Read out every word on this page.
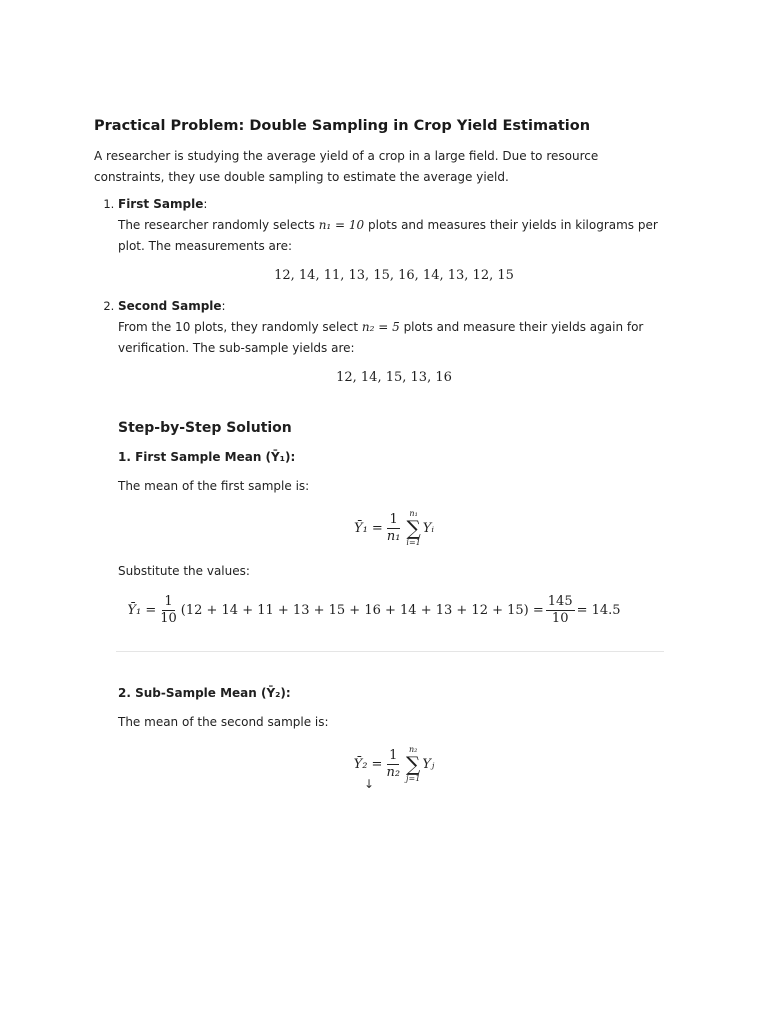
Practical Problem: Double Sampling in Crop Yield Estimation

A researcher is studying the average yield of a crop in a large field. Due to resource constraints, they use double sampling to estimate the average yield.

1. First Sample:
The researcher randomly selects n₁ = 10 plots and measures their yields in kilograms per plot. The measurements are:
12, 14, 11, 13, 15, 16, 14, 13, 12, 15
2. Second Sample:
From the 10 plots, they randomly select n₂ = 5 plots and measure their yields again for verification. The sub-sample yields are:
12, 14, 15, 13, 16
Step-by-Step Solution
1. First Sample Mean (Ȳ₁):

The mean of the first sample is:

Ȳ₁ = $\frac{1}{\text{n₁}} n_1$
∑
i=1
Yᵢ

Substitute the values:

Ȳ₁ = $\frac{1}{10} (12 + 14 + 11 + 13 + 15 + 16 + 14 + 13 + 12 + 15) = \frac{145}{10} = 14.5$
2. Sub-Sample Mean (Ȳ₂):

The mean of the second sample is:

Ȳ₂ = $\frac{1}{\text{n₂}} n_2$
∑
j=1
Yⱼ
↓
